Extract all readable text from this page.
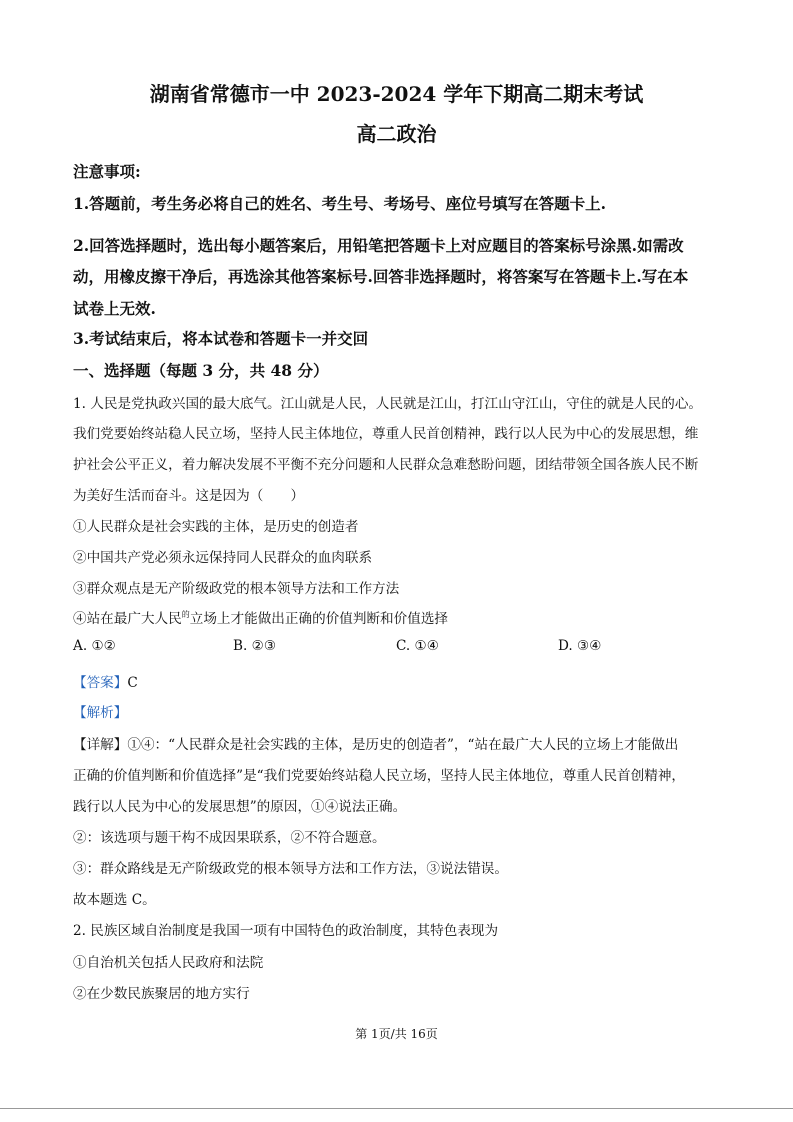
湖南省常德市一中 2023-2024 学年下期高二期末考试
高二政治
注意事项:
1.答题前，考生务必将自己的姓名、考生号、考场号、座位号填写在答题卡上.
2.回答选择题时，选出每小题答案后，用铅笔把答题卡上对应题目的答案标号涂黑.如需改
动，用橡皮擦干净后，再选涂其他答案标号.回答非选择题时，将答案写在答题卡上.写在本
试卷上无效.
3.考试结束后，将本试卷和答题卡一并交回
一、选择题（每题 3 分，共 48 分）
1. 人民是党执政兴国的最大底气。江山就是人民，人民就是江山，打江山守江山，守住的就是人民的心。
我们党要始终站稳人民立场，坚持人民主体地位，尊重人民首创精神，践行以人民为中心的发展思想，维
护社会公平正义，着力解决发展不平衡不充分问题和人民群众急难愁盼问题，团结带领全国各族人民不断
为美好生活而奋斗。这是因为（　　）
①人民群众是社会实践的主体，是历史的创造者
②中国共产党必须永远保持同人民群众的血肉联系
③群众观点是无产阶级政党的根本领导方法和工作方法
④站在最广大人民$^的$立场上才能做出正确的价值判断和价值选择
A. ①②	B. ②③	C. ①④	D. ③④
【答案】C
【解析】
【详解】①④：“人民群众是社会实践的主体，是历史的创造者”，“站在最广大人民的立场上才能做出
正确的价值判断和价值选择”是“我们党要始终站稳人民立场，坚持人民主体地位，尊重人民首创精神，
践行以人民为中心的发展思想”的原因，①④说法正确。
②：该选项与题干构不成因果联系，②不符合题意。
③：群众路线是无产阶级政党的根本领导方法和工作方法，③说法错误。
故本题选 C。
2. 民族区域自治制度是我国一项有中国特色的政治制度，其特色表现为
①自治机关包括人民政府和法院
②在少数民族聚居的地方实行
第 1页/共 16页
